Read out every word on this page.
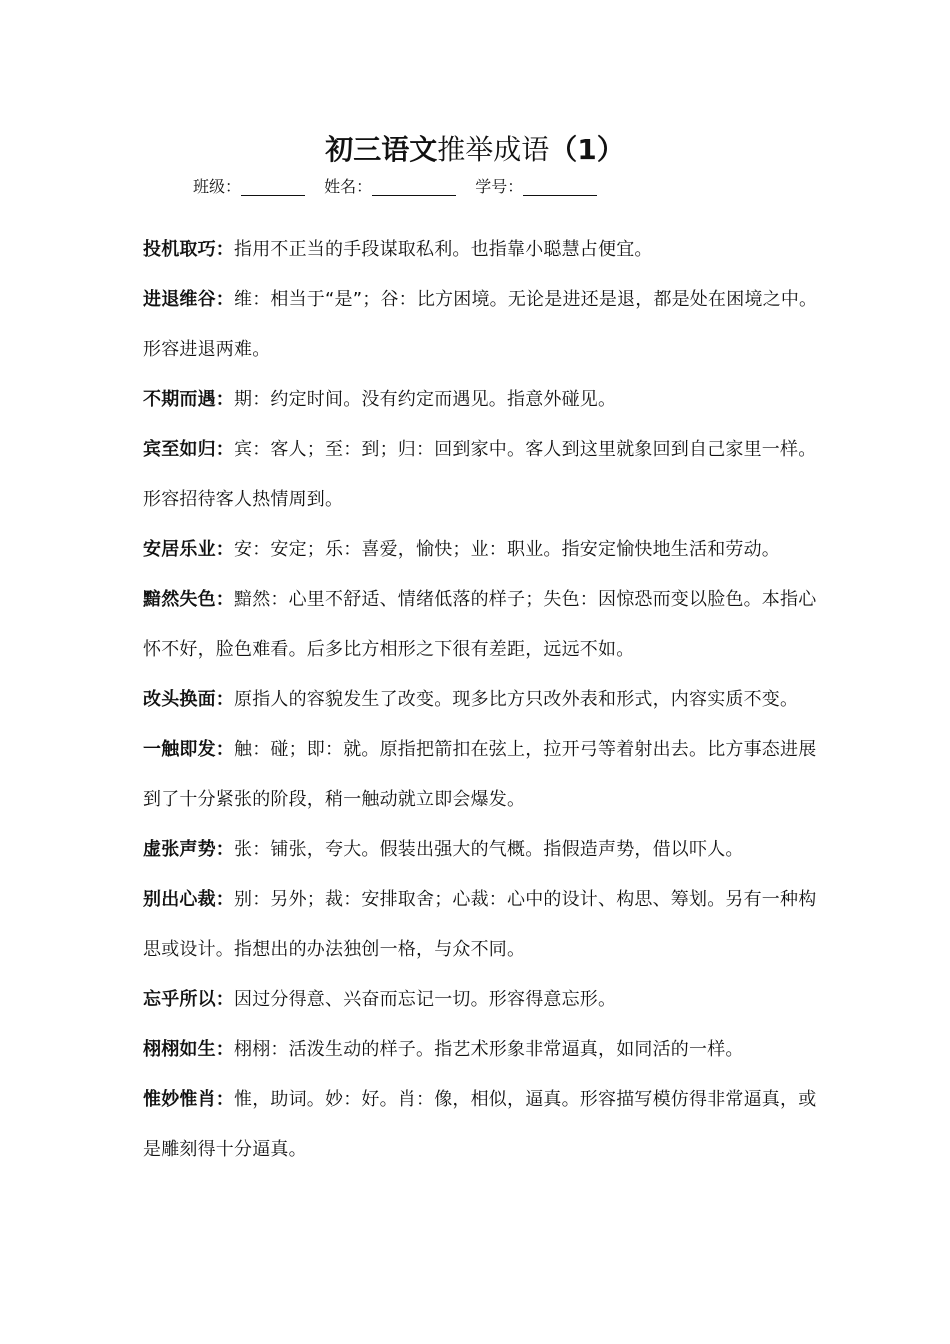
初三语文推举成语（1）
班级：	姓名：	学号：
投机取巧：指用不正当的手段谋取私利。也指靠小聪慧占便宜。
进退维谷：维：相当于“是”；谷：比方困境。无论是进还是退，都是处在困境之中。形容进退两难。
不期而遇：期：约定时间。没有约定而遇见。指意外碰见。
宾至如归：宾：客人；至：到；归：回到家中。客人到这里就象回到自己家里一样。形容招待客人热情周到。
安居乐业：安：安定；乐：喜爱，愉快；业：职业。指安定愉快地生活和劳动。
黯然失色：黯然：心里不舒适、情绪低落的样子；失色：因惊恐而变以脸色。本指心怀不好，脸色难看。后多比方相形之下很有差距，远远不如。
改头换面：原指人的容貌发生了改变。现多比方只改外表和形式，内容实质不变。
一触即发：触：碰；即：就。原指把箭扣在弦上，拉开弓等着射出去。比方事态进展到了十分紧张的阶段，稍一触动就立即会爆发。
虚张声势：张：铺张，夸大。假装出强大的气概。指假造声势，借以吓人。
别出心裁：别：另外；裁：安排取舍；心裁：心中的设计、构思、筹划。另有一种构思或设计。指想出的办法独创一格，与众不同。
忘乎所以：因过分得意、兴奋而忘记一切。形容得意忘形。
栩栩如生：栩栩：活泼生动的样子。指艺术形象非常逼真，如同活的一样。
惟妙惟肖：惟，助词。妙：好。肖：像，相似，逼真。形容描写模仿得非常逼真，或是雕刻得十分逼真。
